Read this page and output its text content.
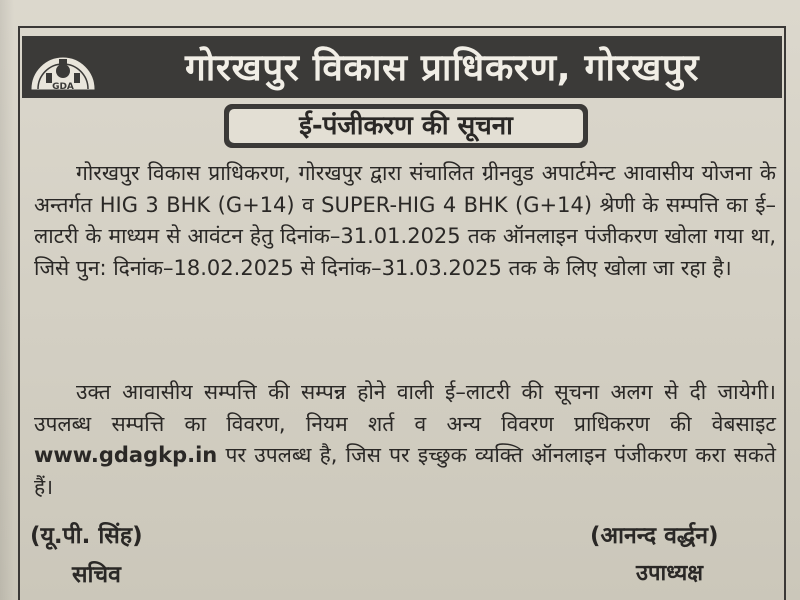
GDA	गोरखपुर विकास प्राधिकरण, गोरखपुर
ई-पंजीकरण की सूचना

गोरखपुर विकास प्राधिकरण, गोरखपुर द्वारा संचालित ग्रीनवुड अपार्टमेन्ट आवासीय योजना के अन्तर्गत HIG 3 BHK (G+14) व SUPER-HIG 4 BHK (G+14) श्रेणी के सम्पत्ति का ई–लाटरी के माध्यम से आवंटन हेतु दिनांक–31.01.2025 तक ऑनलाइन पंजीकरण खोला गया था, जिसे पुन: दिनांक–18.02.2025 से दिनांक–31.03.2025 तक के लिए खोला जा रहा है।

उक्त आवासीय सम्पत्ति की सम्पन्न होने वाली ई–लाटरी की सूचना अलग से दी जायेगी। उपलब्ध सम्पत्ति का विवरण, नियम शर्त व अन्य विवरण प्राधिकरण की वेबसाइट www.gdagkp.in पर उपलब्ध है, जिस पर इच्छुक व्यक्ति ऑनलाइन पंजीकरण करा सकते हैं।

(यू.पी. सिंह)
सचिव
(आनन्द वर्द्धन)
उपाध्यक्ष
